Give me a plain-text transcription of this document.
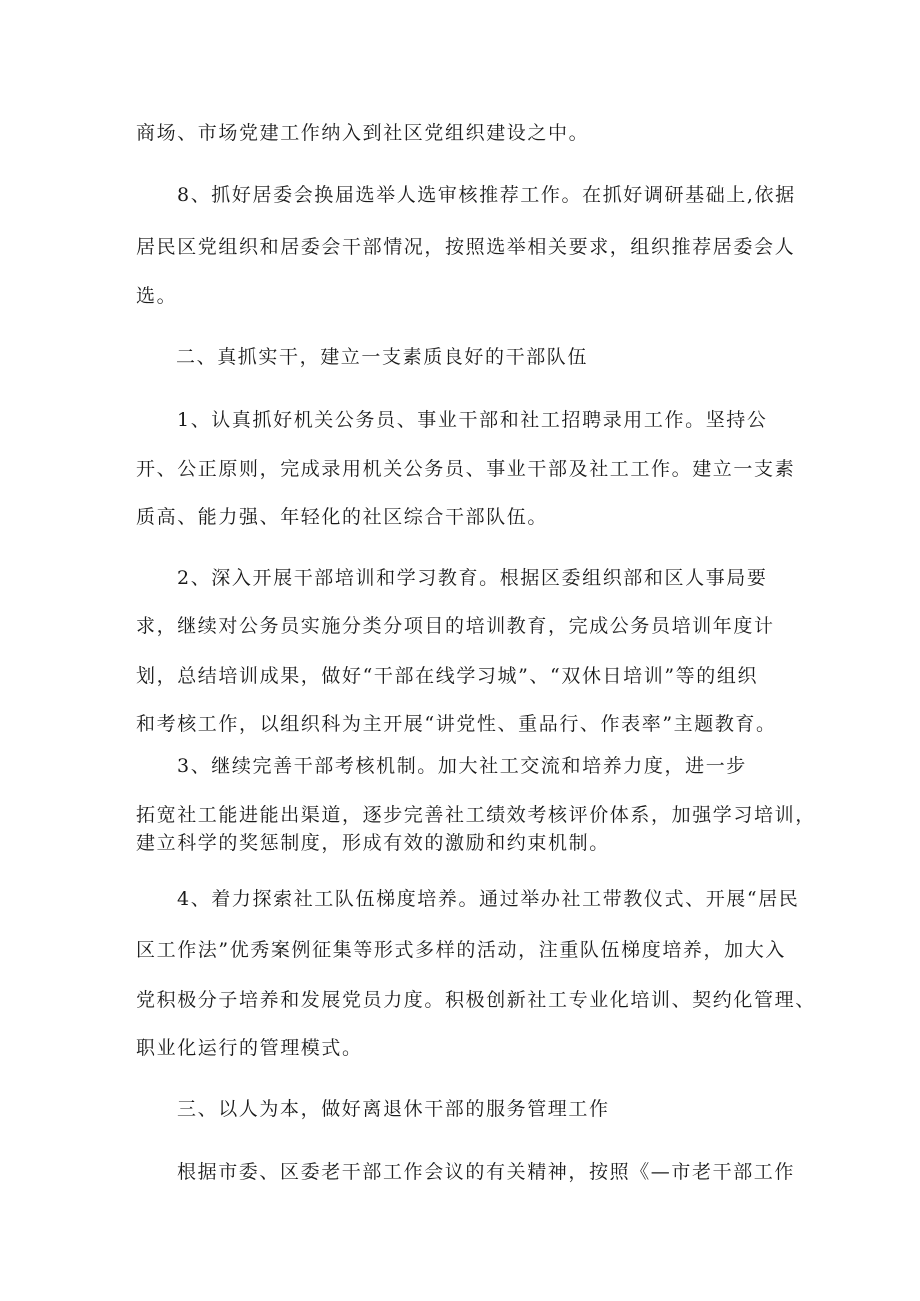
商场、市场党建工作纳入到社区党组织建设之中。
8、抓好居委会换届选举人选审核推荐工作。在抓好调研基础上,依据
居民区党组织和居委会干部情况，按照选举相关要求，组织推荐居委会人
选。
二、真抓实干，建立一支素质良好的干部队伍
1、认真抓好机关公务员、事业干部和社工招聘录用工作。坚持公
开、公正原则，完成录用机关公务员、事业干部及社工工作。建立一支素
质高、能力强、年轻化的社区综合干部队伍。
2、深入开展干部培训和学习教育。根据区委组织部和区人事局要
求，继续对公务员实施分类分项目的培训教育，完成公务员培训年度计
划，总结培训成果，做好“干部在线学习城”、“双休日培训”等的组织
和考核工作，以组织科为主开展“讲党性、重品行、作表率”主题教育。
3、继续完善干部考核机制。加大社工交流和培养力度，进一步
拓宽社工能进能出渠道，逐步完善社工绩效考核评价体系，加强学习培训，
建立科学的奖惩制度，形成有效的激励和约束机制。
4、着力探索社工队伍梯度培养。通过举办社工带教仪式、开展“居民
区工作法”优秀案例征集等形式多样的活动，注重队伍梯度培养，加大入
党积极分子培养和发展党员力度。积极创新社工专业化培训、契约化管理、
职业化运行的管理模式。
三、以人为本，做好离退休干部的服务管理工作
根据市委、区委老干部工作会议的有关精神，按照《—市老干部工作
